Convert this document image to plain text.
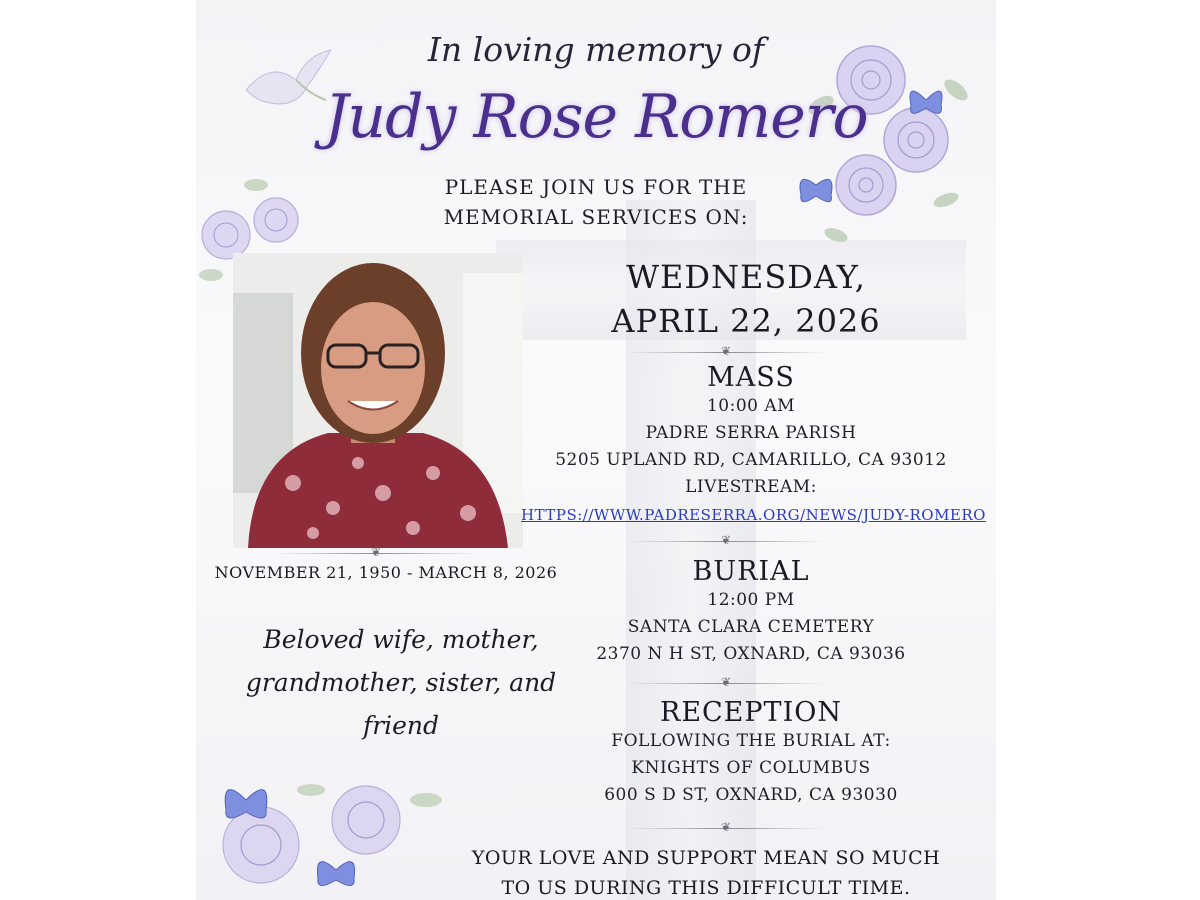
In loving memory of
Judy Rose Romero
PLEASE JOIN US FOR THE
MEMORIAL SERVICES ON:
WEDNESDAY,
APRIL 22, 2026
❦
❦
NOVEMBER 21, 1950 - MARCH 8, 2026
Beloved wife, mother,
grandmother, sister, and
friend
MASS
10:00 AM
PADRE SERRA PARISH
5205 UPLAND RD, CAMARILLO, CA 93012
LIVESTREAM:
HTTPS://WWW.PADRESERRA.ORG/NEWS/JUDY-ROMERO
❦
BURIAL
12:00 PM
SANTA CLARA CEMETERY
2370 N H ST, OXNARD, CA 93036
❦
RECEPTION
FOLLOWING THE BURIAL AT:
KNIGHTS OF COLUMBUS
600 S D ST, OXNARD, CA 93030
❦
YOUR LOVE AND SUPPORT MEAN SO MUCH
TO US DURING THIS DIFFICULT TIME.
